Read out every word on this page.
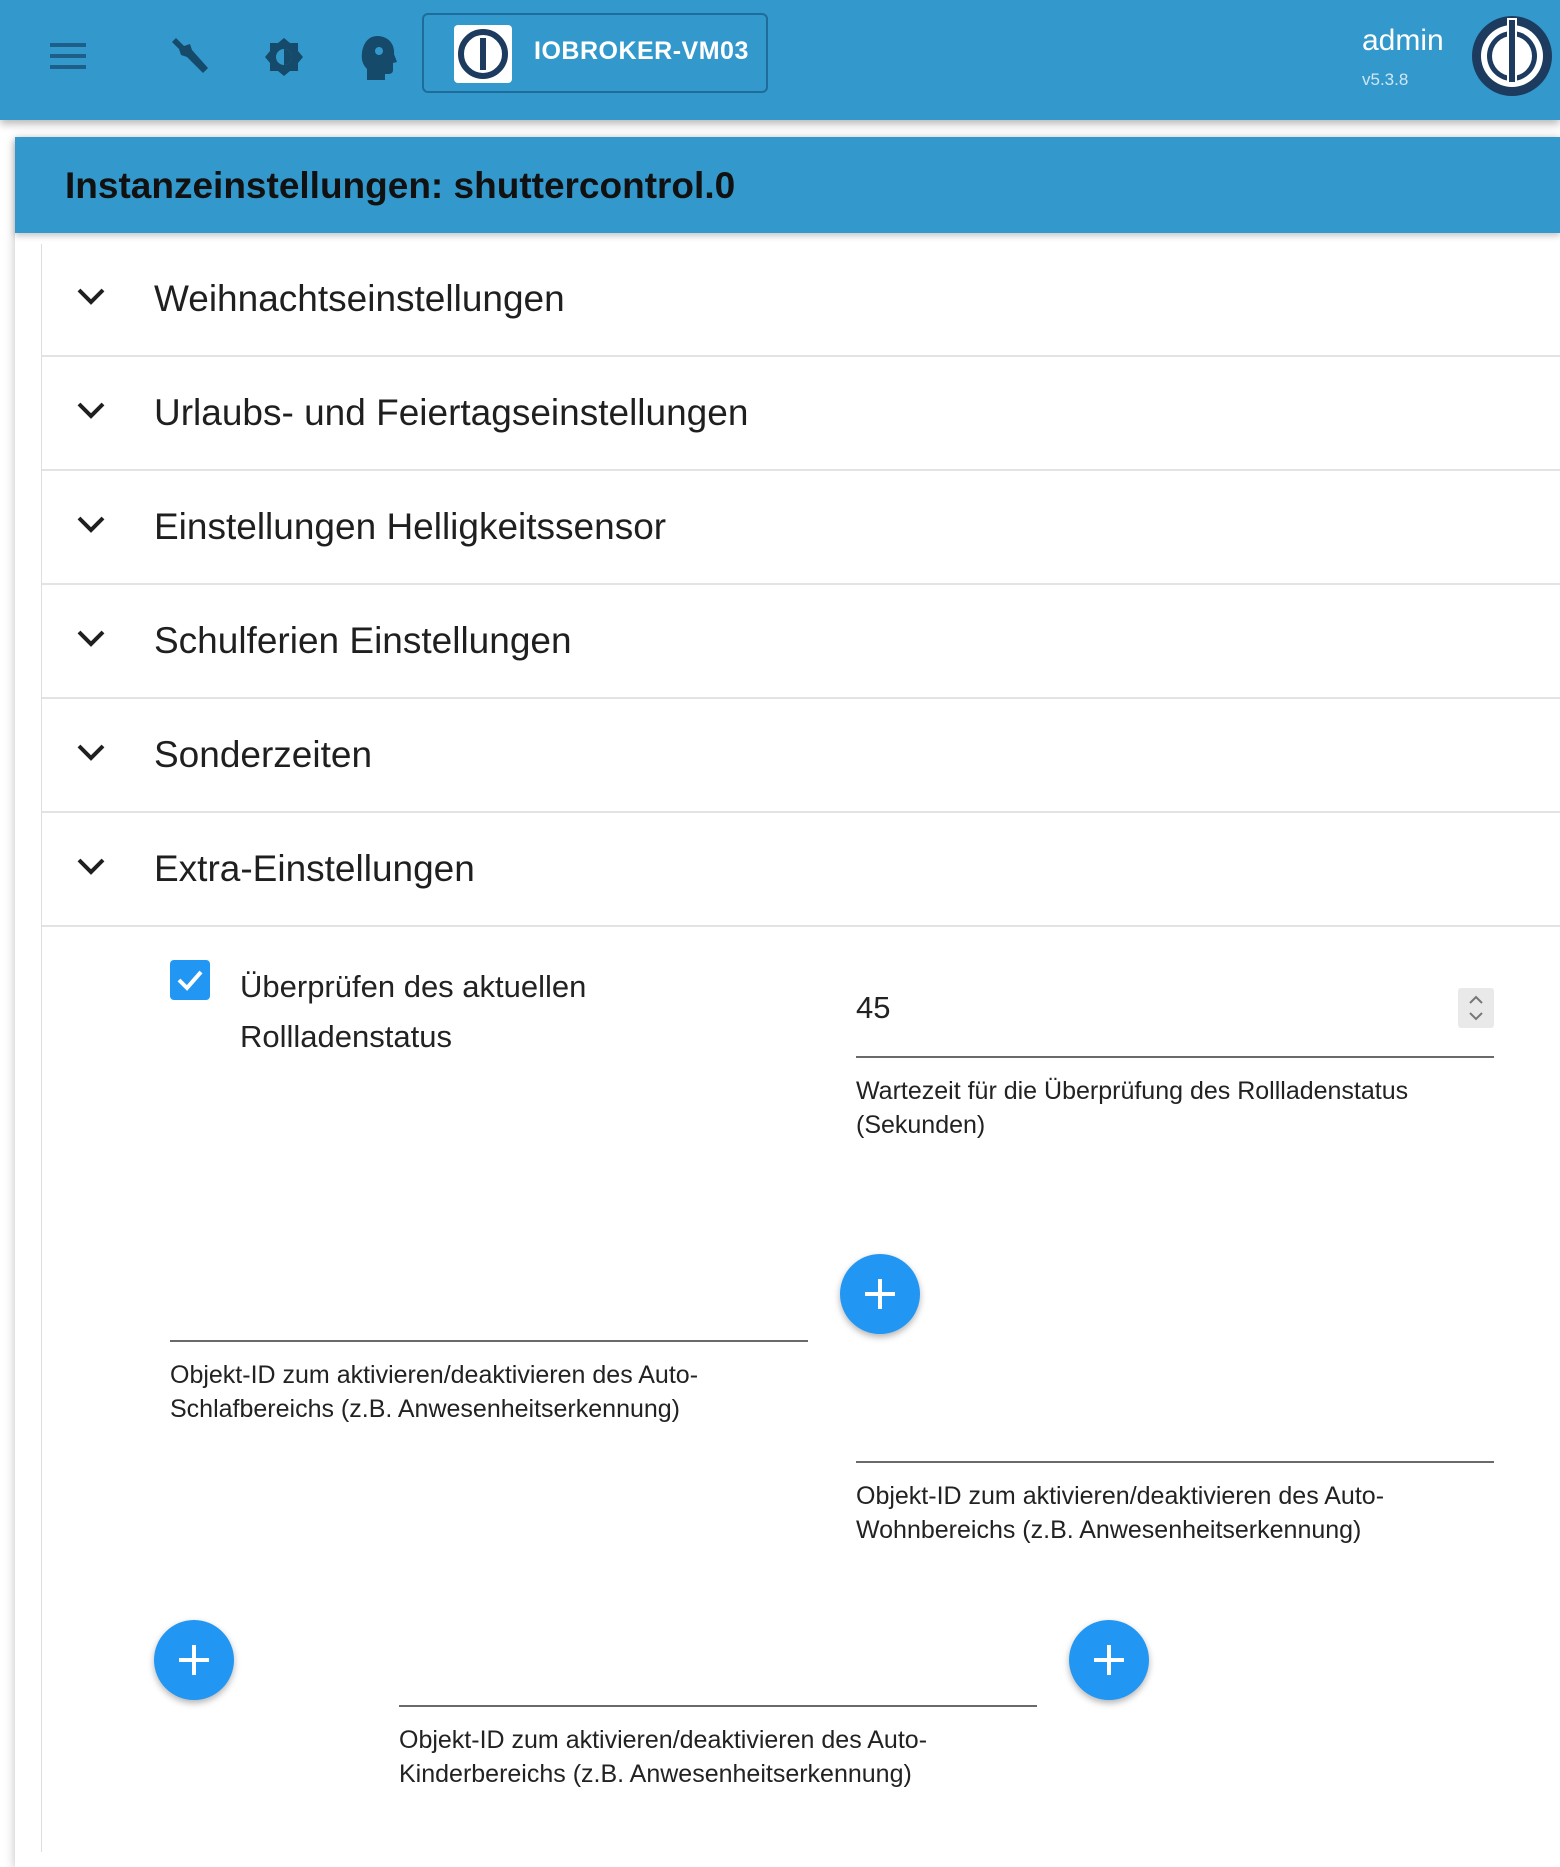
IOBROKER-VM03	admin
v5.3.8
Instanzeinstellungen: shuttercontrol.0
Weihnachtseinstellungen
Urlaubs- und Feiertagseinstellungen
Einstellungen Helligkeitssensor
Schulferien Einstellungen
Sonderzeiten
Extra-Einstellungen
Überprüfen des aktuellen Rollladenstatus
45
Wartezeit für die Überprüfung des Rollladenstatus (Sekunden)
Objekt-ID zum aktivieren/deaktivieren des Auto-Schlafbereichs (z.B. Anwesenheitserkennung)
Objekt-ID zum aktivieren/deaktivieren des Auto-Wohnbereichs (z.B. Anwesenheitserkennung)
Objekt-ID zum aktivieren/deaktivieren des Auto-Kinderbereichs (z.B. Anwesenheitserkennung)
